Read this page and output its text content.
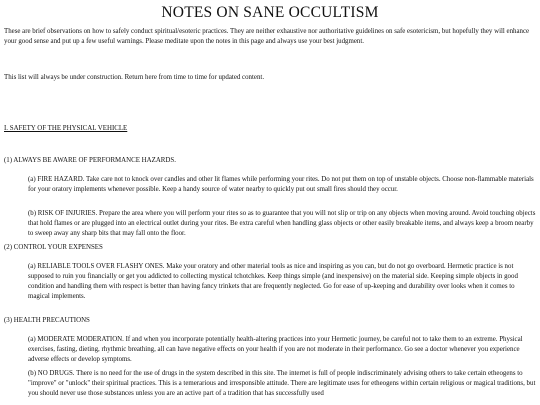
NOTES ON SANE OCCULTISM

These are brief observations on how to safely conduct spiritual/esoteric practices. They are neither exhaustive nor authoritative guidelines on safe esotericism, but hopefully they will enhance your good sense and put up a few useful warnings. Please meditate upon the notes in this page and always use your best judgment.

This list will always be under construction. Return here from time to time for updated content.

I. SAFETY OF THE PHYSICAL VEHICLE

(1) ALWAYS BE AWARE OF PERFORMANCE HAZARDS.

(a) FIRE HAZARD. Take care not to knock over candles and other lit flames while performing your rites. Do not put them on top of unstable objects. Choose non-flammable materials for your oratory implements whenever possible. Keep a handy source of water nearby to quickly put out small fires should they occur.

(b) RISK OF INJURIES. Prepare the area where you will perform your rites so as to guarantee that you will not slip or trip on any objects when moving around. Avoid touching objects that hold flames or are plugged into an electrical outlet during your rites. Be extra careful when handling glass objects or other easily breakable items, and always keep a broom nearby to sweep away any sharp bits that may fall onto the floor.

(2) CONTROL YOUR EXPENSES

(a) RELIABLE TOOLS OVER FLASHY ONES. Make your oratory and other material tools as nice and inspiring as you can, but do not go overboard. Hermetic practice is not supposed to ruin you financially or get you addicted to collecting mystical tchotchkes. Keep things simple (and inexpensive) on the material side. Keeping simple objects in good condition and handling them with respect is better than having fancy trinkets that are frequently neglected. Go for ease of up-keeping and durability over looks when it comes to magical implements.

(3) HEALTH PRECAUTIONS

(a) MODERATE MODERATION. If and when you incorporate potentially health-altering practices into your Hermetic journey, be careful not to take them to an extreme. Physical exercises, fasting, dieting, rhythmic breathing, all can have negative effects on your health if you are not moderate in their performance. Go see a doctor whenever you experience adverse effects or develop symptoms.

(b) NO DRUGS. There is no need for the use of drugs in the system described in this site. The internet is full of people indiscriminately advising others to take certain etheogens to "improve" or "unlock" their spiritual practices. This is a temerarious and irresponsible attitude. There are legitimate uses for etheogens within certain religious or magical traditions, but you should never use those substances unless you are an active part of a tradition that has successfully used
